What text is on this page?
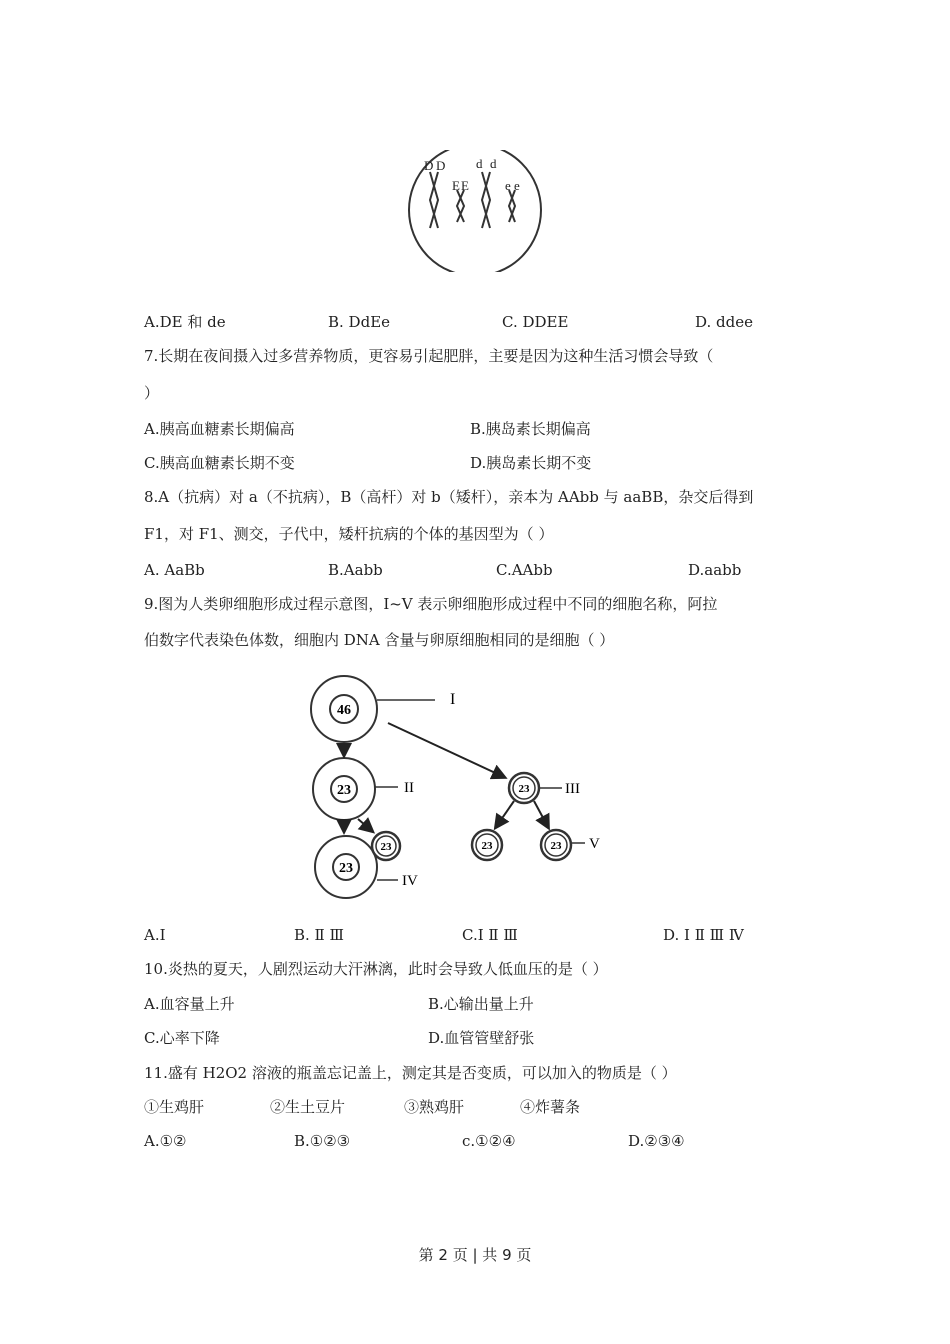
D D
E E
d d
e e
A.DE 和 de	B. DdEe	C. DDEE	D. ddee
7.长期在夜间摄入过多营养物质，更容易引起肥胖，主要是因为这种生活习惯会导致（
）
A.胰高血糖素长期偏高	B.胰岛素长期偏高
C.胰高血糖素长期不变	D.胰岛素长期不变
8.A（抗病）对 a（不抗病），B（高杆）对 b（矮杆），亲本为 AAbb 与 aaBB，杂交后得到
F1，对 F1、测交，子代中，矮杆抗病的个体的基因型为（ ）
A. AaBb	B.Aabb	C.AAbb	D.aabb
9.图为人类卵细胞形成过程示意图，Ⅰ~Ⅴ 表示卵细胞形成过程中不同的细胞名称，阿拉
伯数字代表染色体数，细胞内 DNA 含量与卵原细胞相同的是细胞（ ）
46
I
23	II
23
IV
23
23 III
23	23 V
A.Ⅰ	B. Ⅱ Ⅲ	C.Ⅰ Ⅱ Ⅲ	D. Ⅰ Ⅱ Ⅲ Ⅳ
10.炎热的夏天，人剧烈运动大汗淋漓，此时会导致人低血压的是（ ）
A.血容量上升	B.心输出量上升
C.心率下降	D.血管管壁舒张
11.盛有 H2O2 溶液的瓶盖忘记盖上，测定其是否变质，可以加入的物质是（ ）
①生鸡肝	②生土豆片	③熟鸡肝	④炸薯条
A.①②	B.①②③	c.①②④	D.②③④
第 2 页 | 共 9 页
